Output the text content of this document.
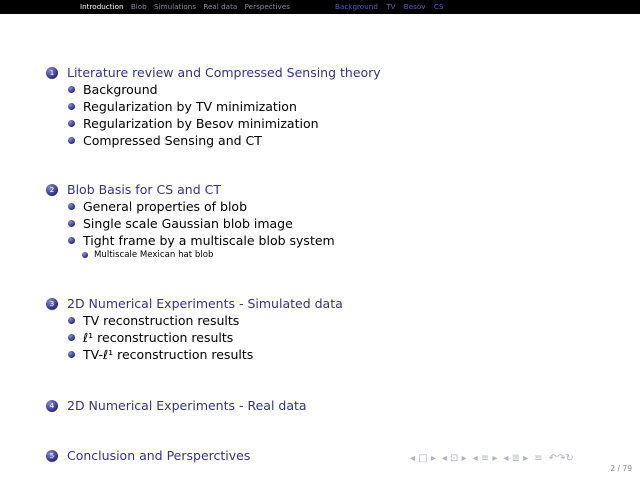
Introduction Blob Simulations Real data Perspectives	Background TV Besov CS
1	Literature review and Compressed Sensing theory
Background
Regularization by TV minimization
Regularization by Besov minimization
Compressed Sensing and CT
2	Blob Basis for CS and CT
General properties of blob
Single scale Gaussian blob image
Tight frame by a multiscale blob system
Multiscale Mexican hat blob
3	2D Numerical Experiments - Simulated data
TV reconstruction results
ℓ¹ reconstruction results
TV-ℓ¹ reconstruction results
4	2D Numerical Experiments - Real data
5	Conclusion and Persperctives	◂ □ ▸ ◂ ⊡ ▸ ◂ ≡ ▸ ◂ ≣ ▸ ≡ ↶↷↻
2 / 79
